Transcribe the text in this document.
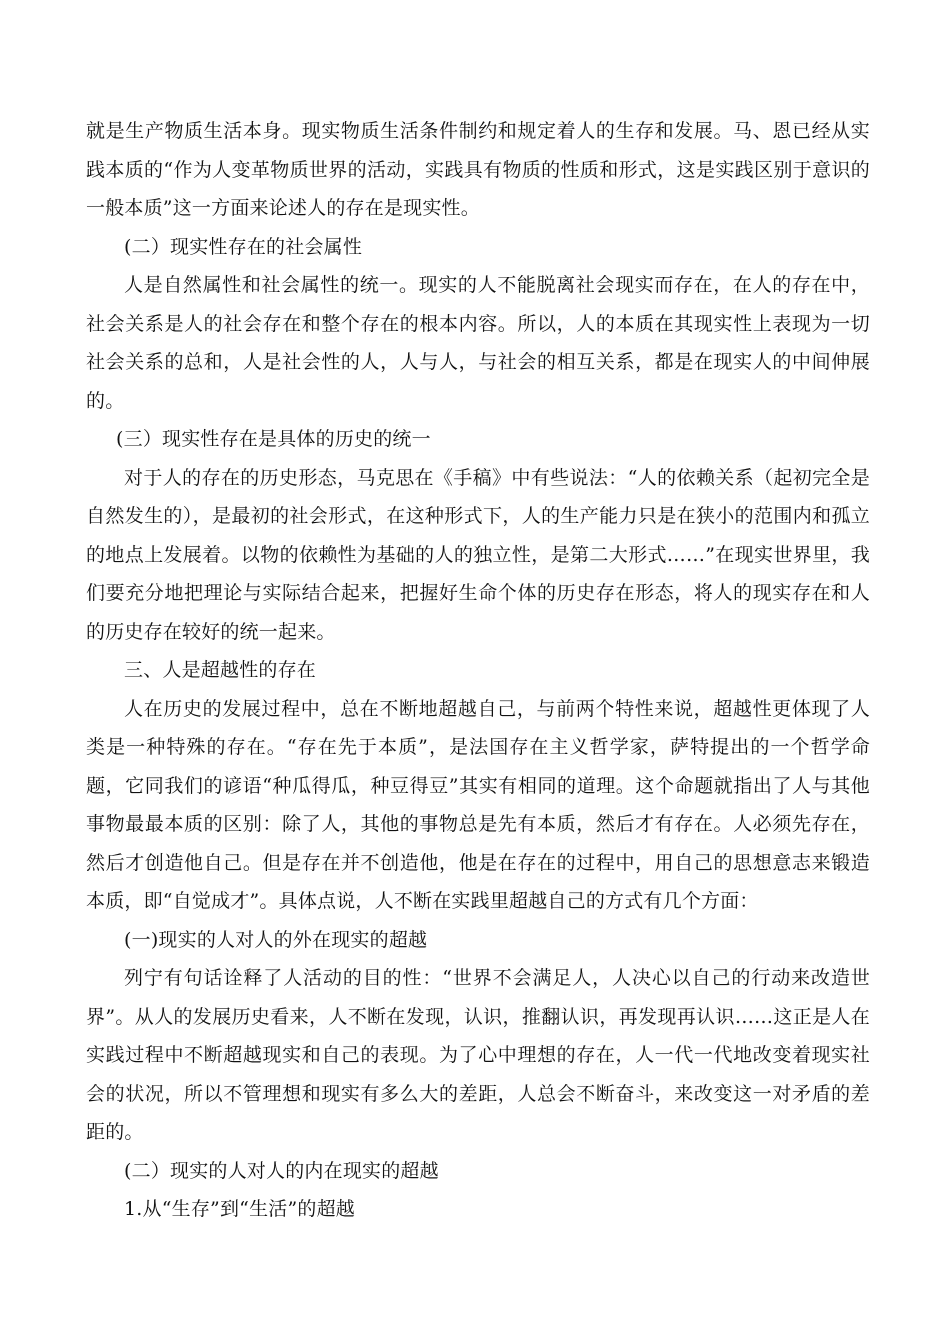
就是生产物质生活本身。现实物质生活条件制约和规定着人的生存和发展。马、恩已经从实践本质的“作为人变革物质世界的活动，实践具有物质的性质和形式，这是实践区别于意识的一般本质”这一方面来论述人的存在是现实性。

(二）现实性存在的社会属性

人是自然属性和社会属性的统一。现实的人不能脱离社会现实而存在，在人的存在中，社会关系是人的社会存在和整个存在的根本内容。所以，人的本质在其现实性上表现为一切社会关系的总和，人是社会性的人，人与人，与社会的相互关系，都是在现实人的中间伸展的。

(三）现实性存在是具体的历史的统一

对于人的存在的历史形态，马克思在《手稿》中有些说法：“人的依赖关系（起初完全是自然发生的），是最初的社会形式，在这种形式下，人的生产能力只是在狭小的范围内和孤立的地点上发展着。以物的依赖性为基础的人的独立性，是第二大形式……”在现实世界里，我们要充分地把理论与实际结合起来，把握好生命个体的历史存在形态，将人的现实存在和人的历史存在较好的统一起来。

三、人是超越性的存在

人在历史的发展过程中，总在不断地超越自己，与前两个特性来说，超越性更体现了人类是一种特殊的存在。“存在先于本质”，是法国存在主义哲学家，萨特提出的一个哲学命题，它同我们的谚语“种瓜得瓜，种豆得豆”其实有相同的道理。这个命题就指出了人与其他事物最最本质的区别：除了人，其他的事物总是先有本质，然后才有存在。人必须先存在，然后才创造他自己。但是存在并不创造他，他是在存在的过程中，用自己的思想意志来锻造本质，即“自觉成才”。具体点说，人不断在实践里超越自己的方式有几个方面：

(一)现实的人对人的外在现实的超越

列宁有句话诠释了人活动的目的性：“世界不会满足人，人决心以自己的行动来改造世界”。从人的发展历史看来，人不断在发现，认识，推翻认识，再发现再认识……这正是人在实践过程中不断超越现实和自己的表现。为了心中理想的存在，人一代一代地改变着现实社会的状况，所以不管理想和现实有多么大的差距，人总会不断奋斗，来改变这一对矛盾的差距的。

(二）现实的人对人的内在现实的超越

1.从“生存”到“生活”的超越
